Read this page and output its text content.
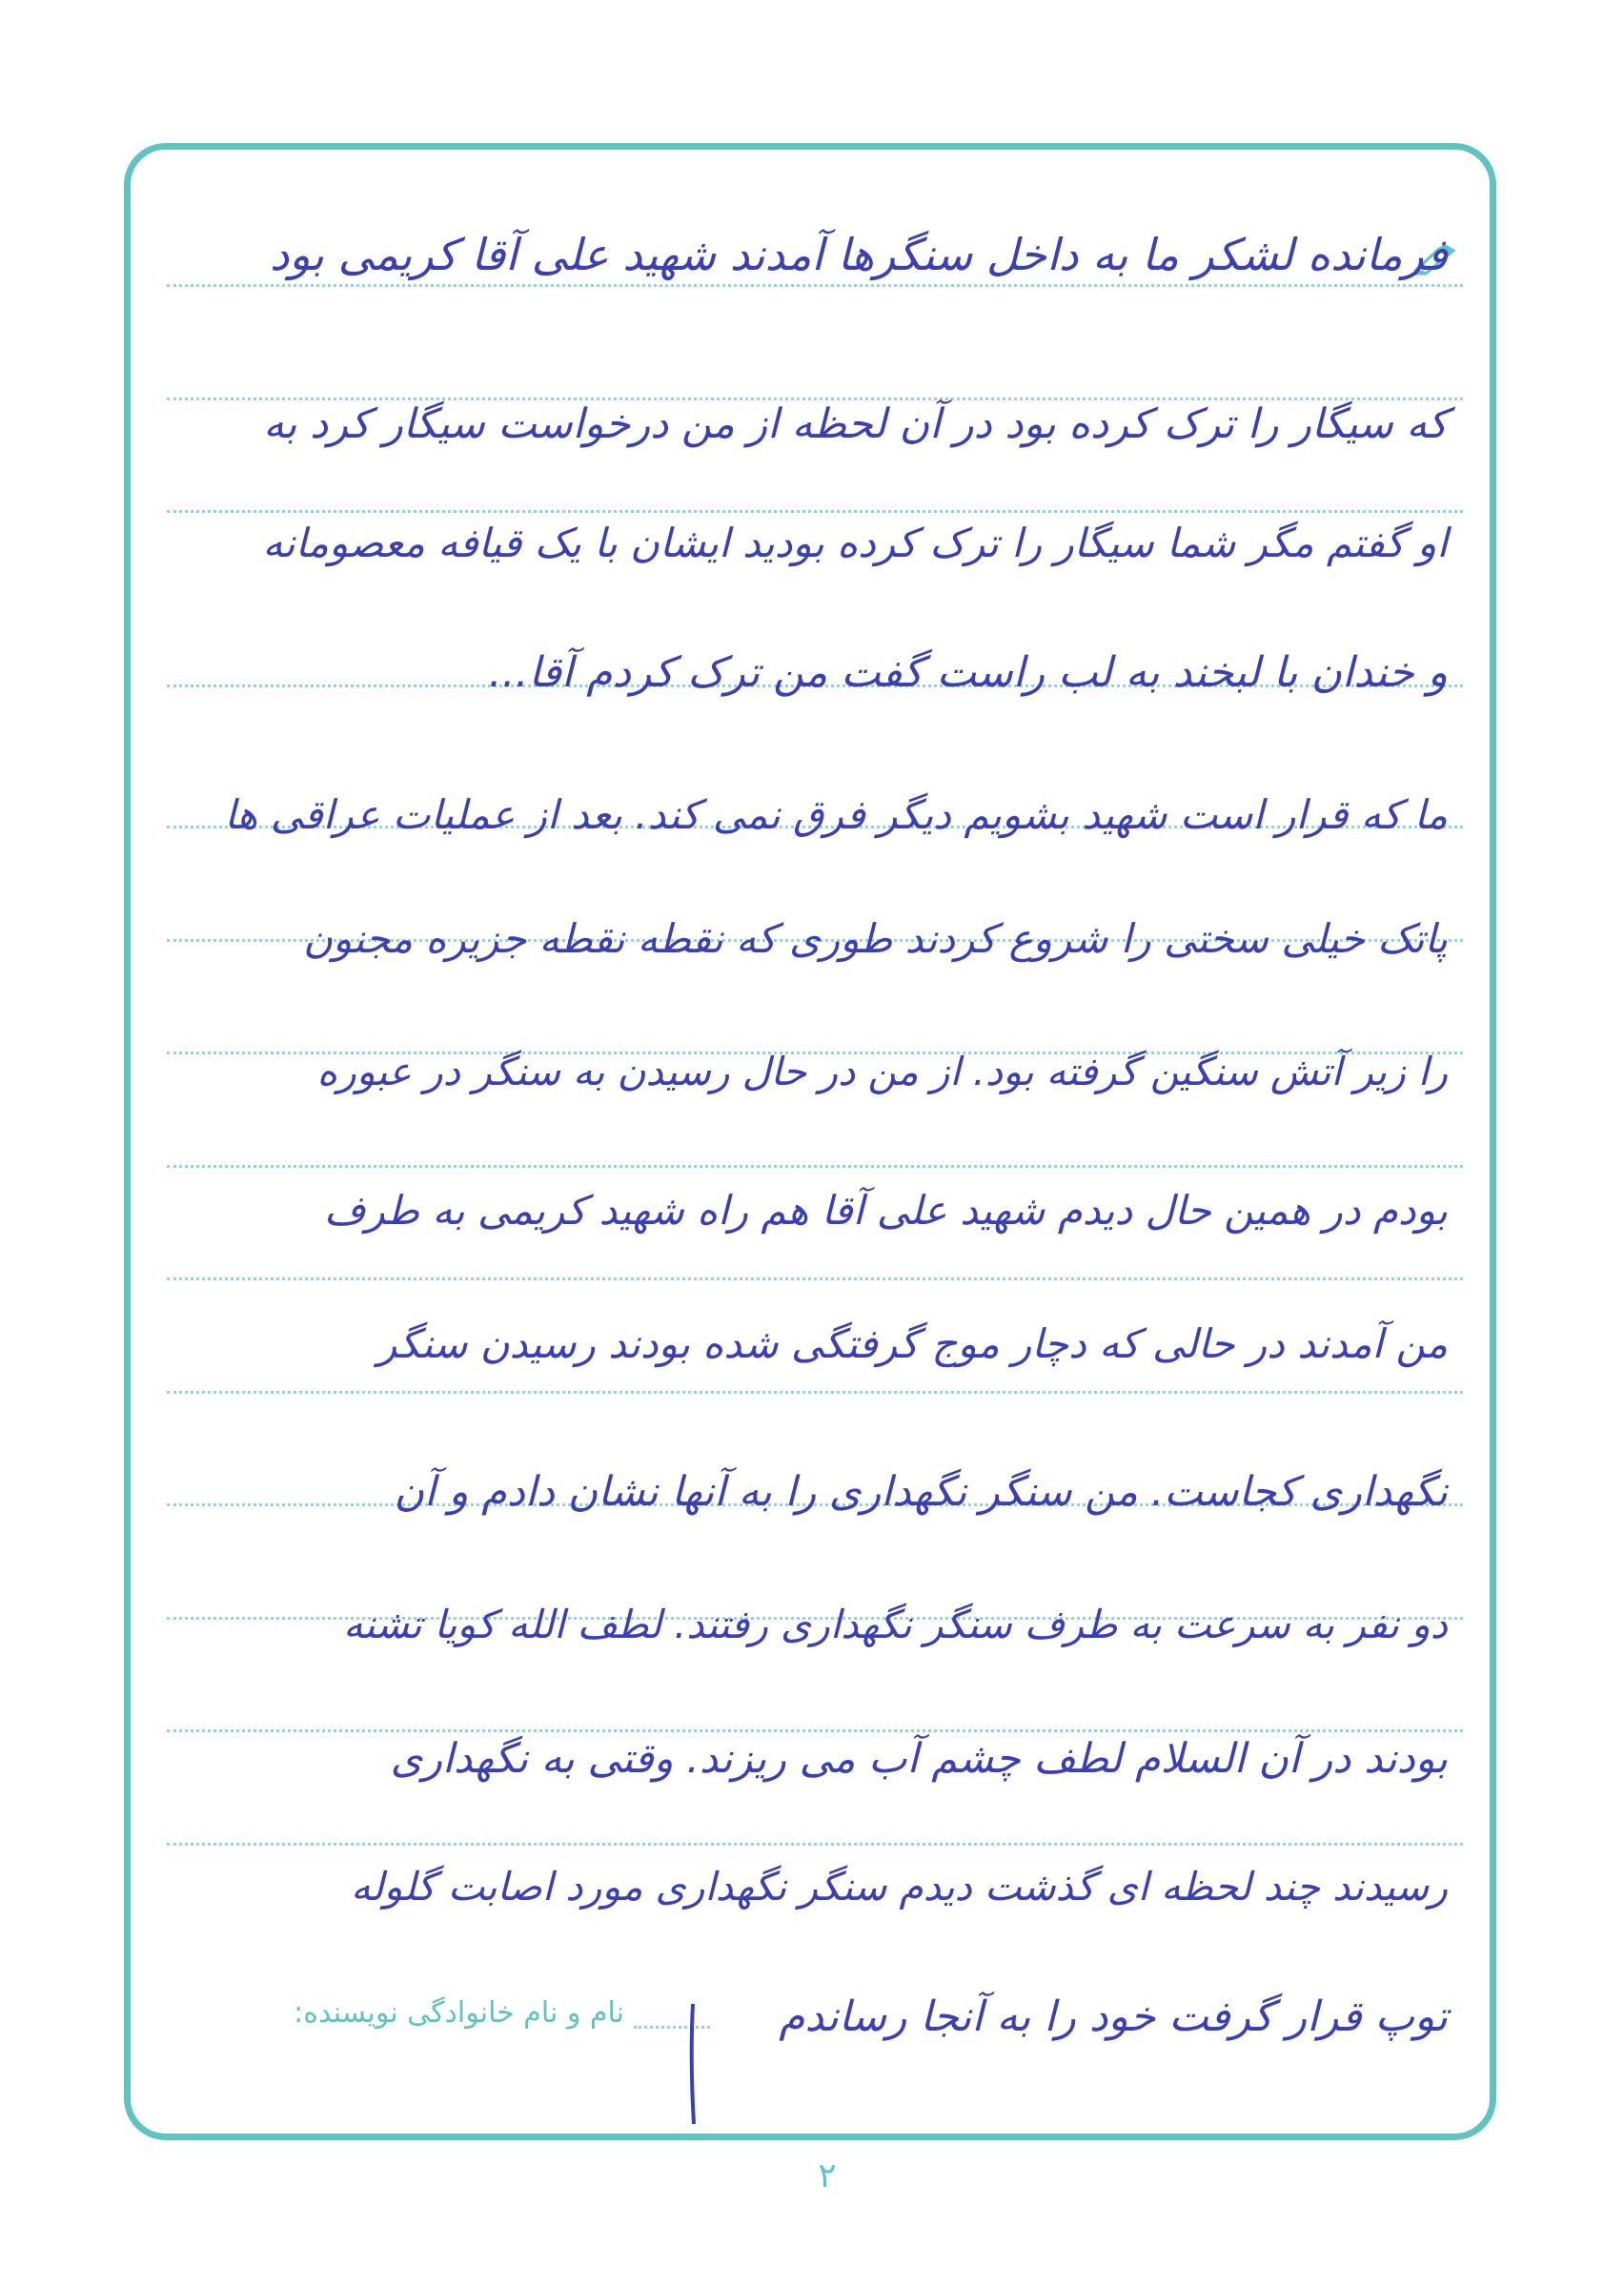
فرمانده لشکر ما به داخل سنگرها آمدند شهید علی آقا کریمی بود
که سیگار را ترک کرده بود در آن لحظه از من درخواست سیگار کرد به
او گفتم مگر شما سیگار را ترک کرده بودید ایشان با یک قیافه معصومانه
و خندان با لبخند به لب راست گفت من ترک کردم آقا...
ما که قرار است شهید بشویم دیگر فرق نمی کند. بعد از عملیات عراقی ها
پاتک خیلی سختی را شروع کردند طوری که نقطه نقطه جزیره مجنون
را زیر آتش سنگین گرفته بود. از من در حال رسیدن به سنگر در عبوره
بودم در همین حال دیدم شهید علی آقا هم راه شهید کریمی به طرف
من آمدند در حالی که دچار موج گرفتگی شده بودند رسیدن سنگر
نگهداری کجاست. من سنگر نگهداری را به آنها نشان دادم و آن
دو نفر به سرعت به طرف سنگر نگهداری رفتند. لطف الله کویا تشنه
بودند در آن السلام لطف چشم آب می ریزند. وقتی به نگهداری
رسیدند چند لحظه ای گذشت دیدم سنگر نگهداری مورد اصابت گلوله
توپ قرار گرفت خود را به آنجا رساندم
نام و نام خانوادگی نویسنده:
۲
